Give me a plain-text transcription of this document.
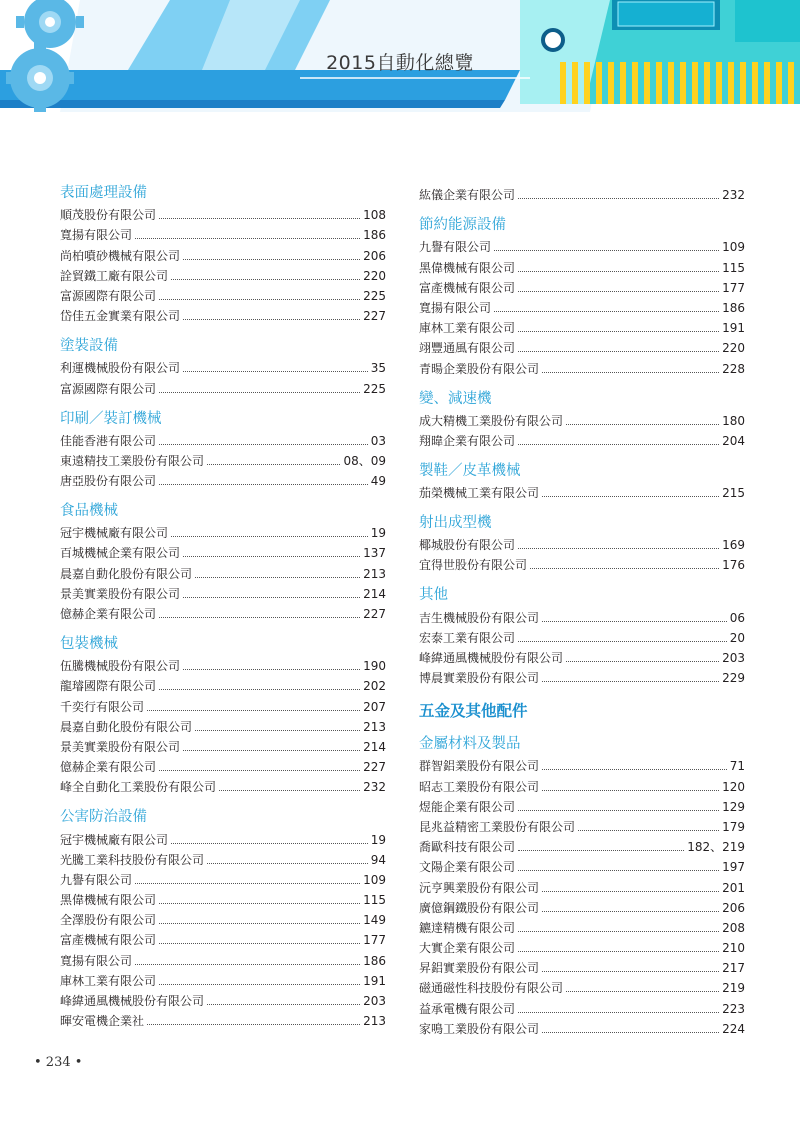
2015自動化總覽
表面處理設備
順茂股份有限公司	108
寬揚有限公司	186
尚柏噴砂機械有限公司	206
詮貿鐵工廠有限公司	220
富源國際有限公司	225
岱佳五金實業有限公司	227
塗裝設備
利運機械股份有限公司	35
富源國際有限公司	225
印刷／裝訂機械
佳能香港有限公司	03
東遠精技工業股份有限公司	08、09
唐亞股份有限公司	49
食品機械
冠宇機械廠有限公司	19
百城機械企業有限公司	137
晨嘉自動化股份有限公司	213
景美實業股份有限公司	214
億赫企業有限公司	227
包裝機械
伍騰機械股份有限公司	190
龍璿國際有限公司	202
千奕行有限公司	207
晨嘉自動化股份有限公司	213
景美實業股份有限公司	214
億赫企業有限公司	227
峰全自動化工業股份有限公司	232
公害防治設備
冠宇機械廠有限公司	19
光騰工業科技股份有限公司	94
九譽有限公司	109
黑偉機械有限公司	115
全澤股份有限公司	149
富產機械有限公司	177
寬揚有限公司	186
庫林工業有限公司	191
峰緯通風機械股份有限公司	203
暉安電機企業社	213
紘儀企業有限公司	232
節約能源設備
九譽有限公司	109
黑偉機械有限公司	115
富產機械有限公司	177
寬揚有限公司	186
庫林工業有限公司	191
翊豐通風有限公司	220
青暘企業股份有限公司	228
變、減速機
成大精機工業股份有限公司	180
翔暐企業有限公司	204
製鞋／皮革機械
茄榮機械工業有限公司	215
射出成型機
椰城股份有限公司	169
宜得世股份有限公司	176
其他
吉生機械股份有限公司	06
宏泰工業有限公司	20
峰緯通風機械股份有限公司	203
博晨實業股份有限公司	229
五金及其他配件
金屬材料及製品
群智鋁業股份有限公司	71
昭志工業股份有限公司	120
煜能企業有限公司	129
昆兆益精密工業股份有限公司	179
喬歐科技有限公司	182、219
文陽企業有限公司	197
沅亨興業股份有限公司	201
廣億鋼鐵股份有限公司	206
鑣達精機有限公司	208
大實企業有限公司	210
昇鋁實業股份有限公司	217
磁通磁性科技股份有限公司	219
益承電機有限公司	223
家鳴工業股份有限公司	224
• 234 •
